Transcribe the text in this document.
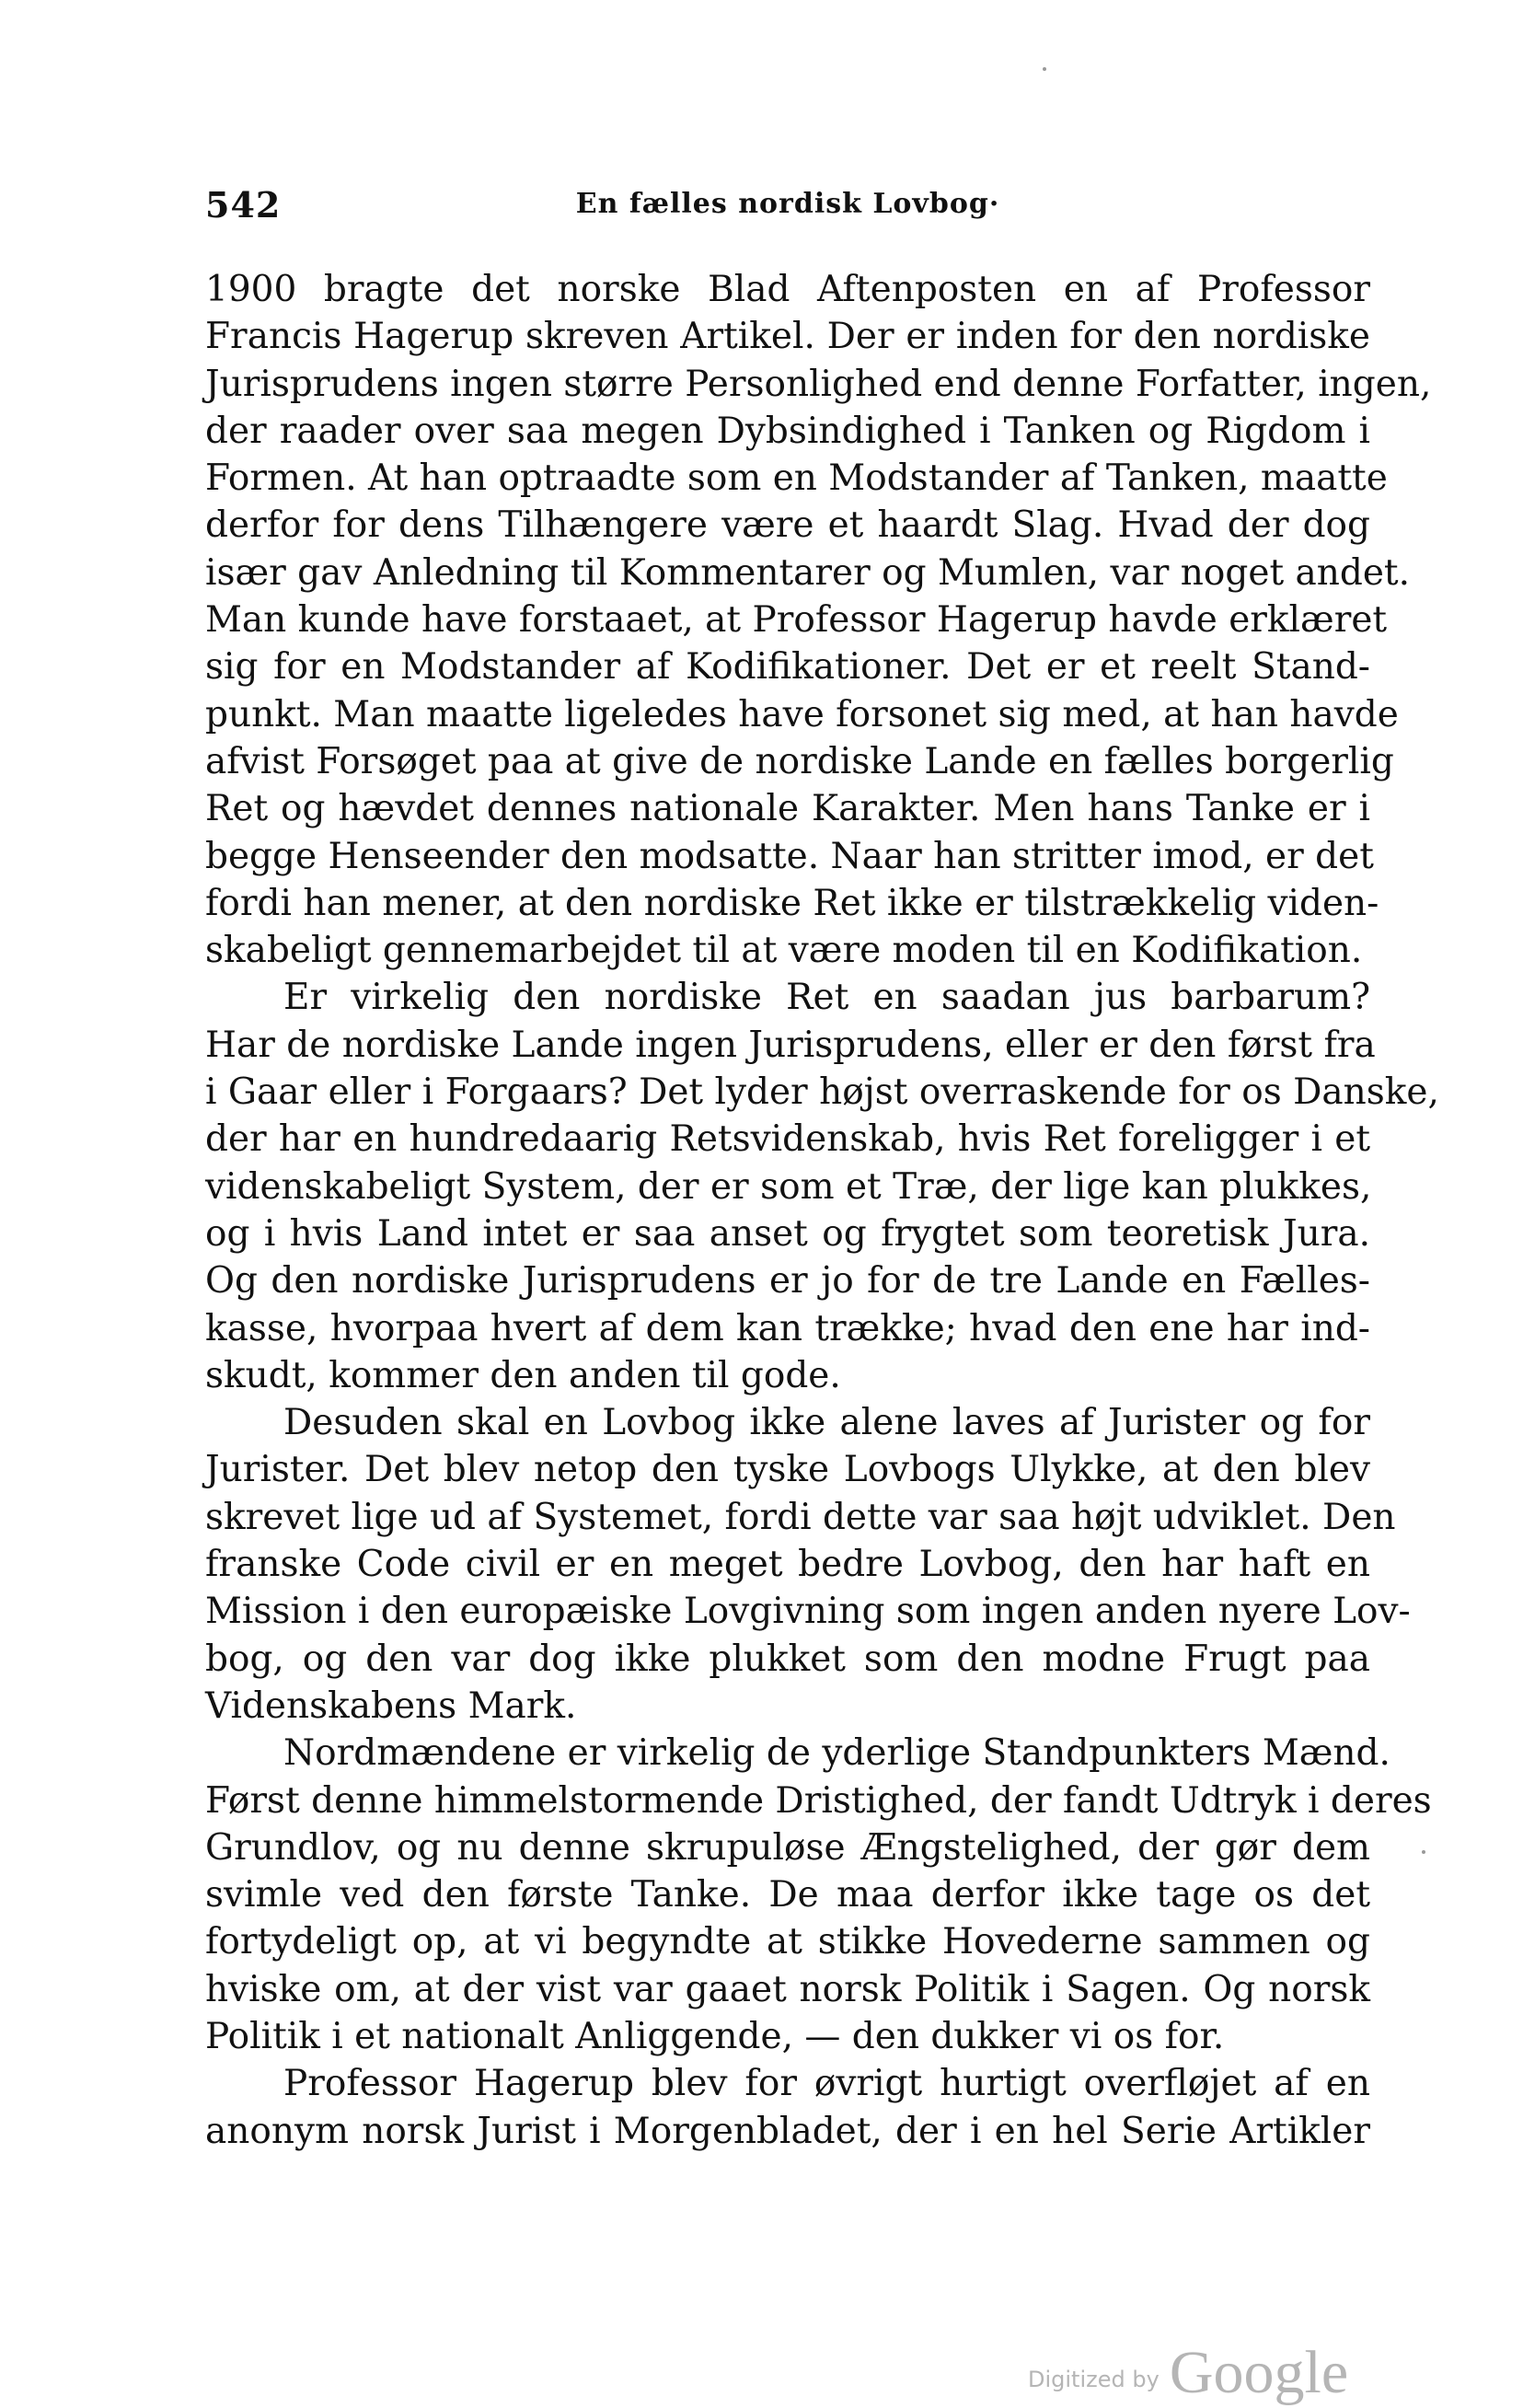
542	En fælles nordisk Lovbog·
1900 bragte det norske Blad Aftenposten en af Professor
Francis Hagerup skreven Artikel. Der er inden for den nordiske
Jurisprudens ingen større Personlighed end denne Forfatter, ingen,
der raader over saa megen Dybsindighed i Tanken og Rigdom i
Formen. At han optraadte som en Modstander af Tanken, maatte
derfor for dens Tilhængere være et haardt Slag. Hvad der dog
især gav Anledning til Kommentarer og Mumlen, var noget andet.
Man kunde have forstaaet, at Professor Hagerup havde erklæret
sig for en Modstander af Kodifikationer. Det er et reelt Stand-
punkt. Man maatte ligeledes have forsonet sig med, at han havde
afvist Forsøget paa at give de nordiske Lande en fælles borgerlig
Ret og hævdet dennes nationale Karakter. Men hans Tanke er i
begge Henseender den modsatte. Naar han stritter imod, er det
fordi han mener, at den nordiske Ret ikke er tilstrækkelig viden-
skabeligt gennemarbejdet til at være moden til en Kodifikation.
Er virkelig den nordiske Ret en saadan jus barbarum?
Har de nordiske Lande ingen Jurisprudens, eller er den først fra
i Gaar eller i Forgaars? Det lyder højst overraskende for os Danske,
der har en hundredaarig Retsvidenskab, hvis Ret foreligger i et
videnskabeligt System, der er som et Træ, der lige kan plukkes,
og i hvis Land intet er saa anset og frygtet som teoretisk Jura.
Og den nordiske Jurisprudens er jo for de tre Lande en Fælles-
kasse, hvorpaa hvert af dem kan trække; hvad den ene har ind-
skudt, kommer den anden til gode.
Desuden skal en Lovbog ikke alene laves af Jurister og for
Jurister. Det blev netop den tyske Lovbogs Ulykke, at den blev
skrevet lige ud af Systemet, fordi dette var saa højt udviklet. Den
franske Code civil er en meget bedre Lovbog, den har haft en
Mission i den europæiske Lovgivning som ingen anden nyere Lov-
bog, og den var dog ikke plukket som den modne Frugt paa
Videnskabens Mark.
Nordmændene er virkelig de yderlige Standpunkters Mænd.
Først denne himmelstormende Dristighed, der fandt Udtryk i deres
Grundlov, og nu denne skrupuløse Ængstelighed, der gør dem
svimle ved den første Tanke. De maa derfor ikke tage os det
fortydeligt op, at vi begyndte at stikke Hovederne sammen og
hviske om, at der vist var gaaet norsk Politik i Sagen. Og norsk
Politik i et nationalt Anliggende, — den dukker vi os for.
Professor Hagerup blev for øvrigt hurtigt overfløjet af en
anonym norsk Jurist i Morgenbladet, der i en hel Serie Artikler
Digitized by Google
